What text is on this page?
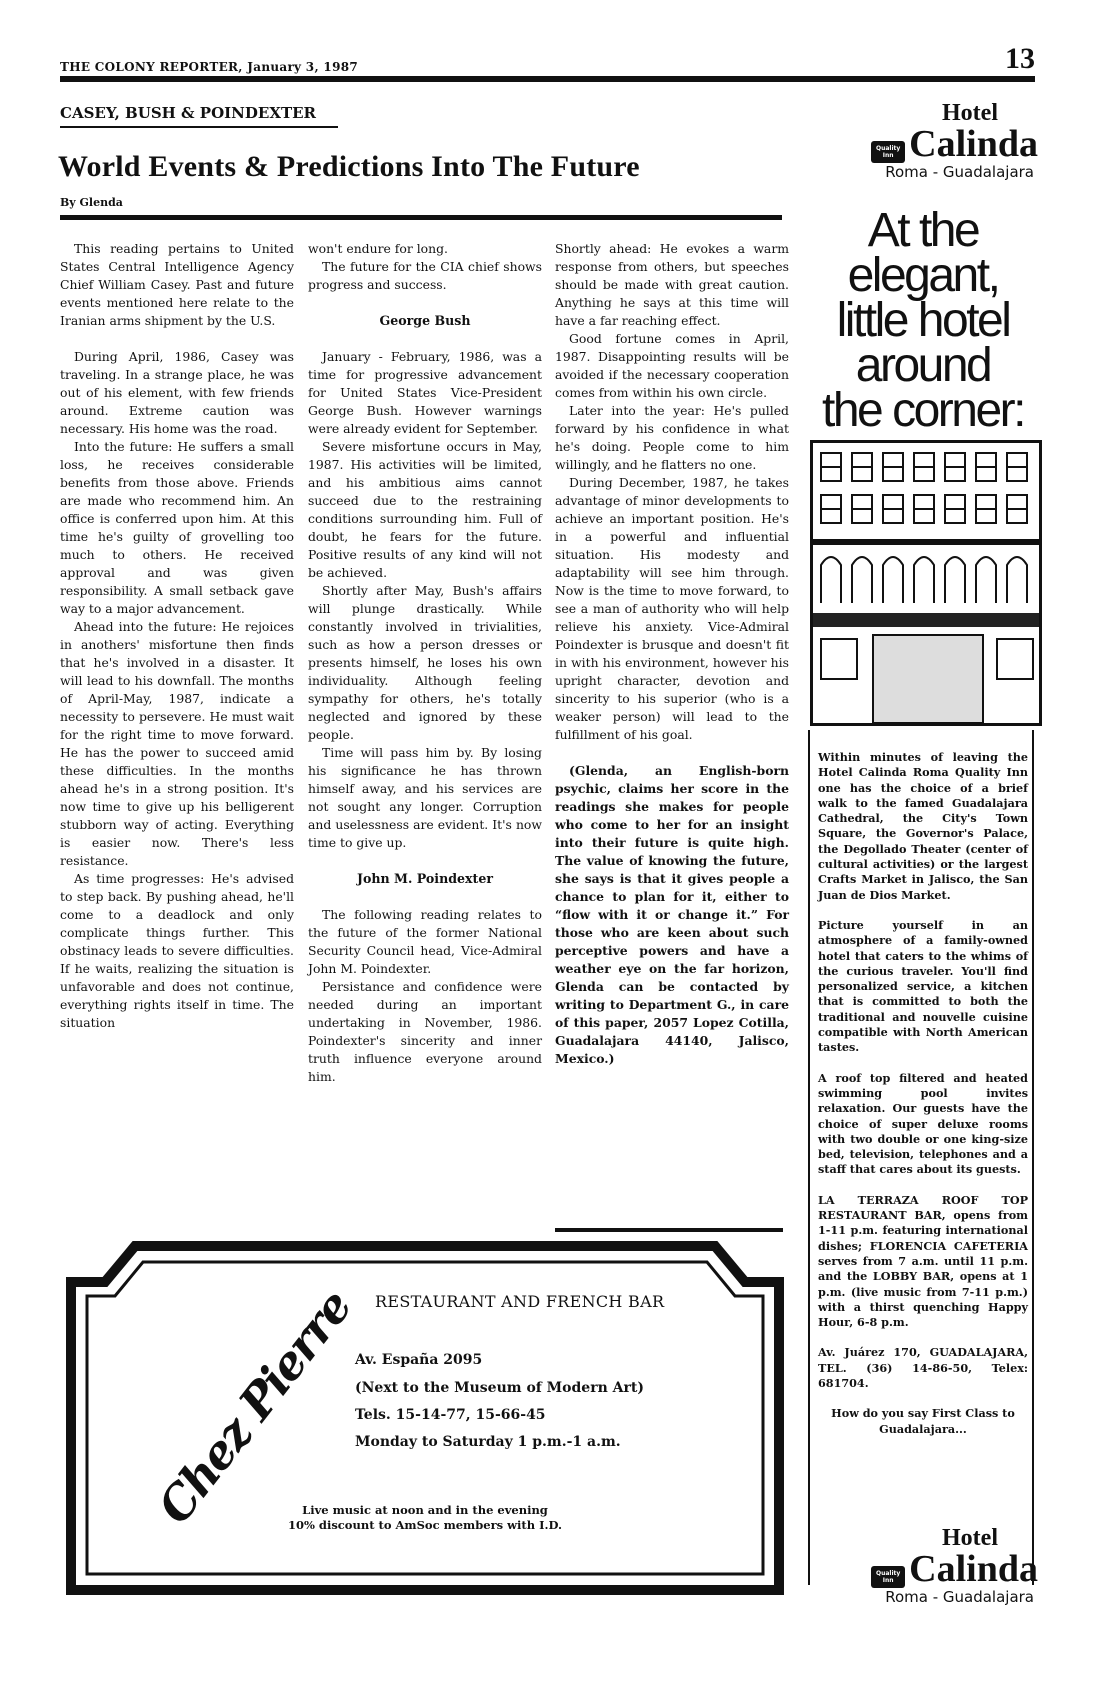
THE COLONY REPORTER, January 3, 1987	13
CASEY, BUSH & POINDEXTER
World Events & Predictions Into The Future
By Glenda

This reading pertains to United States Central Intelligence Agency Chief William Casey. Past and future events mentioned here relate to the Iranian arms shipment by the U.S.

During April, 1986, Casey was traveling. In a strange place, he was out of his element, with few friends around. Extreme caution was necessary. His home was the road.

Into the future: He suffers a small loss, he receives considerable benefits from those above. Friends are made who recommend him. An office is conferred upon him. At this time he's guilty of grovelling too much to others. He received approval and was given responsibility. A small setback gave way to a major advancement.

Ahead into the future: He rejoices in anothers' misfortune then finds that he's involved in a disaster. It will lead to his downfall. The months of April-May, 1987, indicate a necessity to persevere. He must wait for the right time to move forward. He has the power to succeed amid these difficulties. In the months ahead he's in a strong position. It's now time to give up his belligerent stubborn way of acting. Everything is easier now. There's less resistance.

As time progresses: He's advised to step back. By pushing ahead, he'll come to a deadlock and only complicate things further. This obstinacy leads to severe difficulties. If he waits, realizing the situation is unfavorable and does not continue, everything rights itself in time. The situation

won't endure for long.

The future for the CIA chief shows progress and success.

George Bush

January - February, 1986, was a time for progressive advancement for United States Vice-President George Bush. However warnings were already evident for September.

Severe misfortune occurs in May, 1987. His activities will be limited, and his ambitious aims cannot succeed due to the restraining conditions surrounding him. Full of doubt, he fears for the future. Positive results of any kind will not be achieved.

Shortly after May, Bush's affairs will plunge drastically. While constantly involved in trivialities, such as how a person dresses or presents himself, he loses his own individuality. Although feeling sympathy for others, he's totally neglected and ignored by these people.

Time will pass him by. By losing his significance he has thrown himself away, and his services are not sought any longer. Corruption and uselessness are evident. It's now time to give up.

John M. Poindexter

The following reading relates to the future of the former National Security Council head, Vice-Admiral John M. Poindexter.

Persistance and confidence were needed during an important undertaking in November, 1986. Poindexter's sincerity and inner truth influence everyone around him.

Shortly ahead: He evokes a warm response from others, but speeches should be made with great caution. Anything he says at this time will have a far reaching effect.

Good fortune comes in April, 1987. Disappointing results will be avoided if the necessary cooperation comes from within his own circle.

Later into the year: He's pulled forward by his confidence in what he's doing. People come to him willingly, and he flatters no one.

During December, 1987, he takes advantage of minor developments to achieve an important position. He's in a powerful and influential situation. His modesty and adaptability will see him through. Now is the time to move forward, to see a man of authority who will help relieve his anxiety. Vice-Admiral Poindexter is brusque and doesn't fit in with his environment, however his upright character, devotion and sincerity to his superior (who is a weaker person) will lead to the fulfillment of his goal.

(Glenda, an English-born psychic, claims her score in the readings she makes for people who come to her for an insight into their future is quite high. The value of knowing the future, she says is that it gives people a chance to plan for it, either to “flow with it or change it.” For those who are keen about such perceptive powers and have a weather eye on the far horizon, Glenda can be contacted by writing to Department G., in care of this paper, 2057 Lopez Cotilla, Guadalajara 44140, Jalisco, Mexico.)

Hotel
Quality Inn Calinda
Roma - Guadalajara
At the
elegant,
little hotel
around
the corner:

Within minutes of leaving the Hotel Calinda Roma Quality Inn one has the choice of a brief walk to the famed Guadalajara Cathedral, the City's Town Square, the Governor's Palace, the Degollado Theater (center of cultural activities) or the largest Crafts Market in Jalisco, the San Juan de Dios Market.

Picture yourself in an atmosphere of a family-owned hotel that caters to the whims of the curious traveler. You'll find personalized service, a kitchen that is committed to both the traditional and nouvelle cuisine compatible with North American tastes.

A roof top filtered and heated swimming pool invites relaxation. Our guests have the choice of super deluxe rooms with two double or one king-size bed, television, telephones and a staff that cares about its guests.

LA TERRAZA ROOF TOP RESTAURANT BAR, opens from 1-11 p.m. featuring international dishes; FLORENCIA CAFETERIA serves from 7 a.m. until 11 p.m. and the LOBBY BAR, opens at 1 p.m. (live music from 7-11 p.m.) with a thirst quenching Happy Hour, 6-8 p.m.

Av. Juárez 170, GUADALAJARA, TEL. (36) 14-86-50, Telex: 681704.

How do you say First Class to Guadalajara...

Hotel
Quality Inn Calinda
Roma - Guadalajara
Chez Pierre RESTAURANT AND FRENCH BAR
Av. España 2095
(Next to the Museum of Modern Art)
Tels. 15-14-77, 15-66-45
Monday to Saturday 1 p.m.-1 a.m.
Live music at noon and in the evening
10% discount to AmSoc members with I.D.
